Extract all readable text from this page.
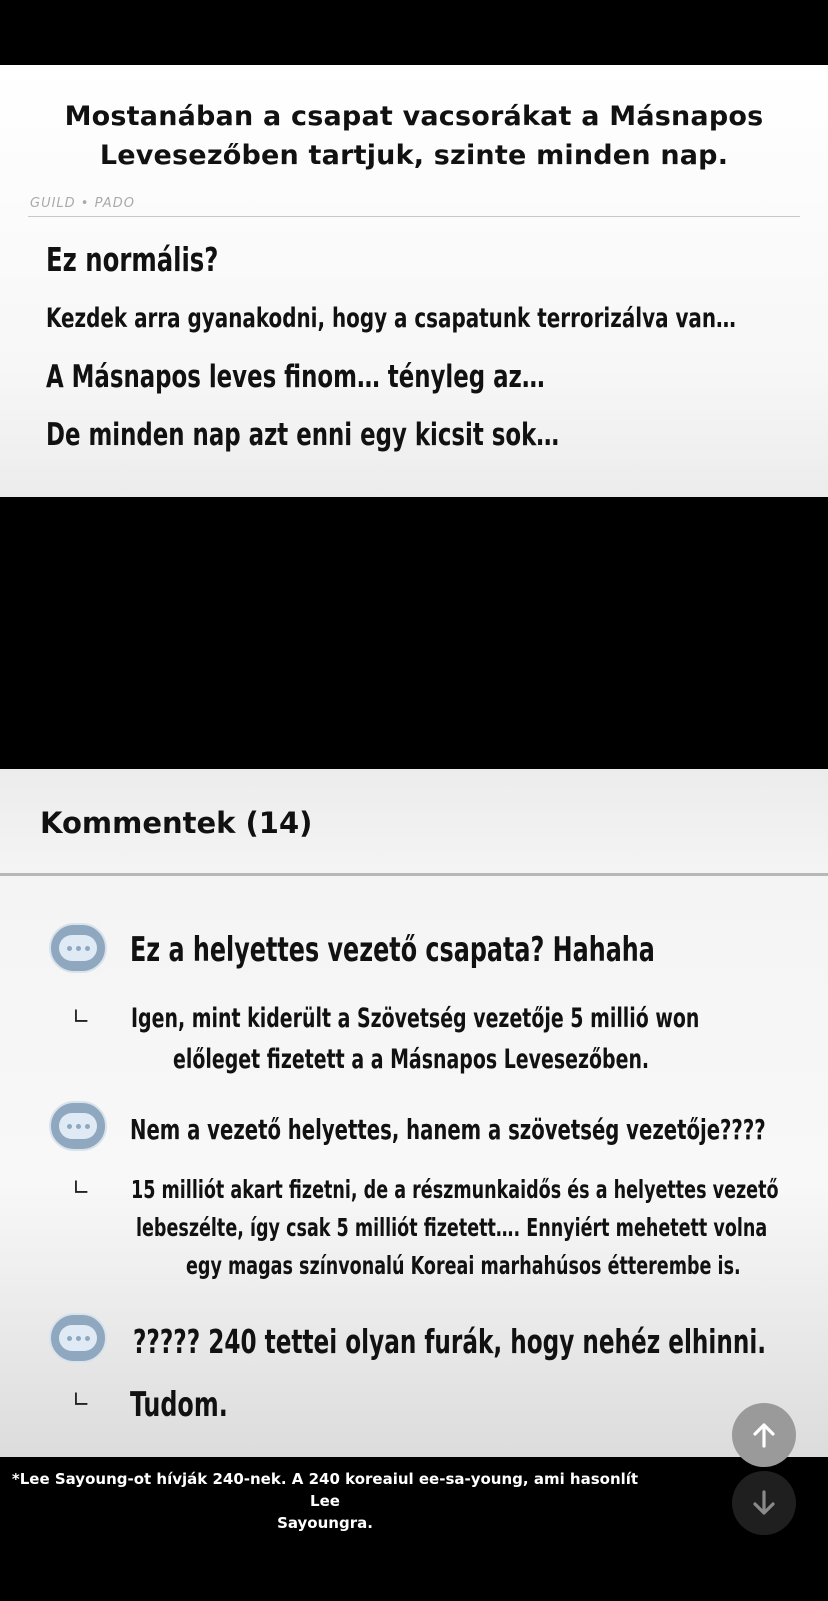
Mostanában a csapat vacsorákat a Másnapos
Levesezőben tartjuk, szinte minden nap.
GUILD • PADO
Ez normális?
Kezdek arra gyanakodni, hogy a csapatunk terrorizálva van…
A Másnapos leves finom… tényleg az…
De minden nap azt enni egy kicsit sok…
Kommentek (14)
Ez a helyettes vezető csapata? Hahaha
∟ Igen, mint kiderült a Szövetség vezetője 5 millió won
előleget fizetett a a Másnapos Levesezőben.
Nem a vezető helyettes, hanem a szövetség vezetője????
∟ 15 milliót akart fizetni, de a részmunkaidős és a helyettes vezető
lebeszélte, így csak 5 milliót fizetett…. Ennyiért mehetett volna
egy magas színvonalú Koreai marhahúsos étterembe is.
????? 240 tettei olyan furák, hogy nehéz elhinni.
∟ Tudom.
*Lee Sayoung-ot hívják 240-nek. A 240 koreaiul ee-sa-young, ami hasonlít Lee
Sayoungra.
